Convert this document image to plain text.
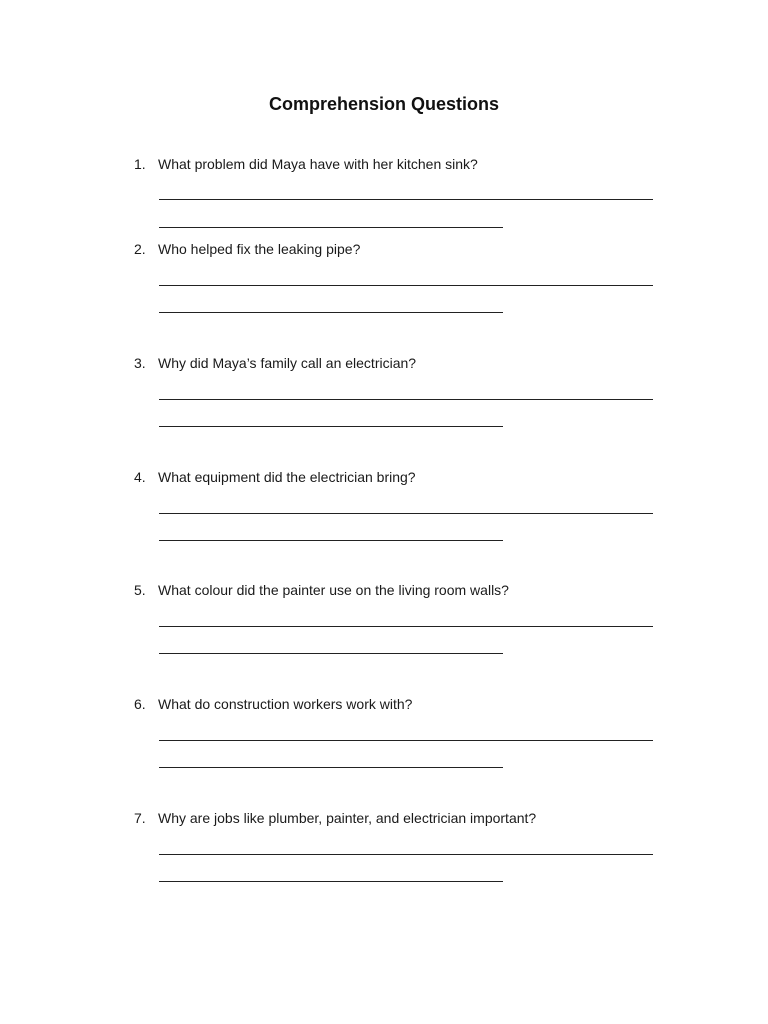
Comprehension Questions
1. What problem did Maya have with her kitchen sink?
2. Who helped fix the leaking pipe?
3. Why did Maya’s family call an electrician?
4. What equipment did the electrician bring?
5. What colour did the painter use on the living room walls?
6. What do construction workers work with?
7. Why are jobs like plumber, painter, and electrician important?
